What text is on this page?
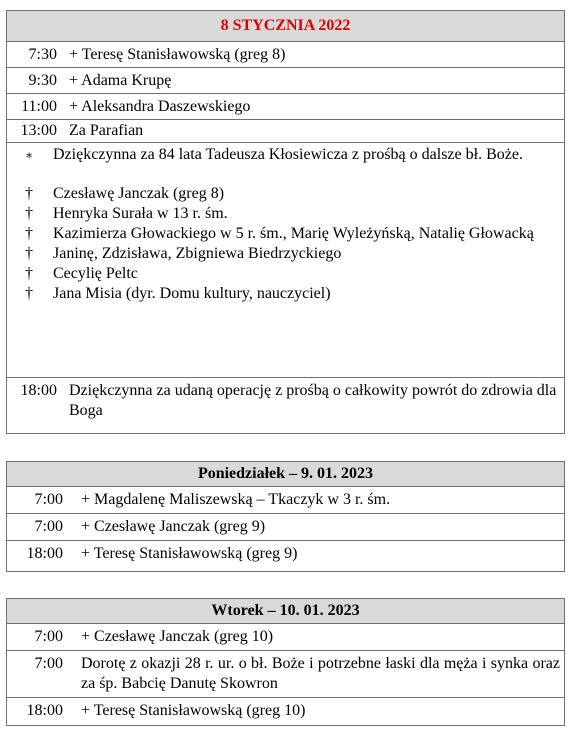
8 STYCZNIA 2022
7:30 + Teresę Stanisławowską (greg 8)
9:30 + Adama Krupę
11:00 + Aleksandra Daszewskiego
13:00 Za Parafian
∗	Dziękczynna za 84 lata Tadeusza Kłosiewicza z prośbą o dalsze bł. Boże.
†	Czesławę Janczak (greg 8)
†	Henryka Surała w 13 r. śm.
†	Kazimierza Głowackiego w 5 r. śm., Marię Wyleżyńską, Natalię Głowacką
†	Janinę, Zdzisława, Zbigniewa Biedrzyckiego
†	Cecylię Peltc
†	Jana Misia (dyr. Domu kultury, nauczyciel)
18:00 Dziękczynna za udaną operację z prośbą o całkowity powrót do zdrowia dla Boga
Poniedziałek – 9. 01. 2023
7:00	+ Magdalenę Maliszewską – Tkaczyk w 3 r. śm.
7:00	+ Czesławę Janczak (greg 9)
18:00	+ Teresę Stanisławowską (greg 9)
Wtorek – 10. 01. 2023
7:00	+ Czesławę Janczak (greg 10)
7:00	Dorotę z okazji 28 r. ur. o bł. Boże i potrzebne łaski dla męża i synka oraz za śp. Babcię Danutę Skowron
18:00	+ Teresę Stanisławowską (greg 10)
